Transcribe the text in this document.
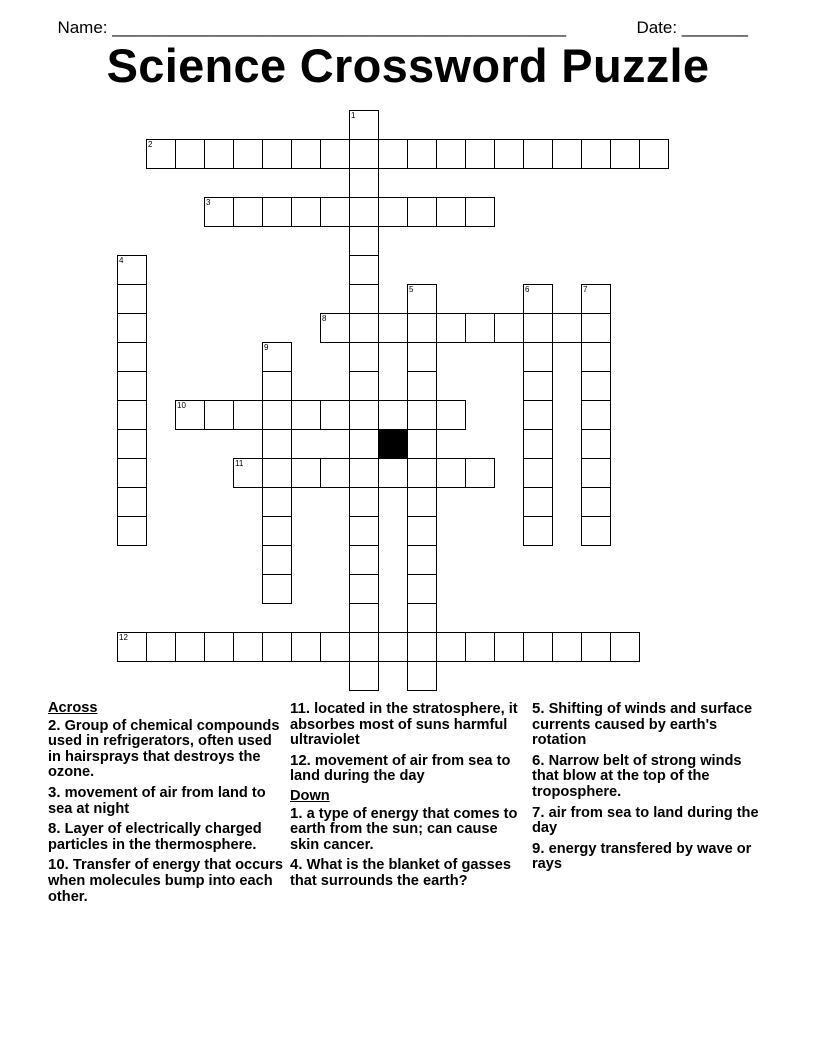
Name: ________________________________________________	Date: _______

Science Crossword Puzzle
1
2
3
4
5	6	7
8
9
10
11
12
Across
2. Group of chemical compounds used in refrigerators, often used in hairsprays that destroys the ozone.
3. movement of air from land to sea at night
8. Layer of electrically charged particles in the thermosphere.
10. Transfer of energy that occurs when molecules bump into each other.
11. located in the stratosphere, it absorbes most of suns harmful ultraviolet
12. movement of air from sea to land during the day
Down
1. a type of energy that comes to earth from the sun; can cause skin cancer.
4. What is the blanket of gasses that surrounds the earth?
5. Shifting of winds and surface currents caused by earth's rotation
6. Narrow belt of strong winds that blow at the top of the troposphere.
7. air from sea to land during the day
9. energy transfered by wave or rays
